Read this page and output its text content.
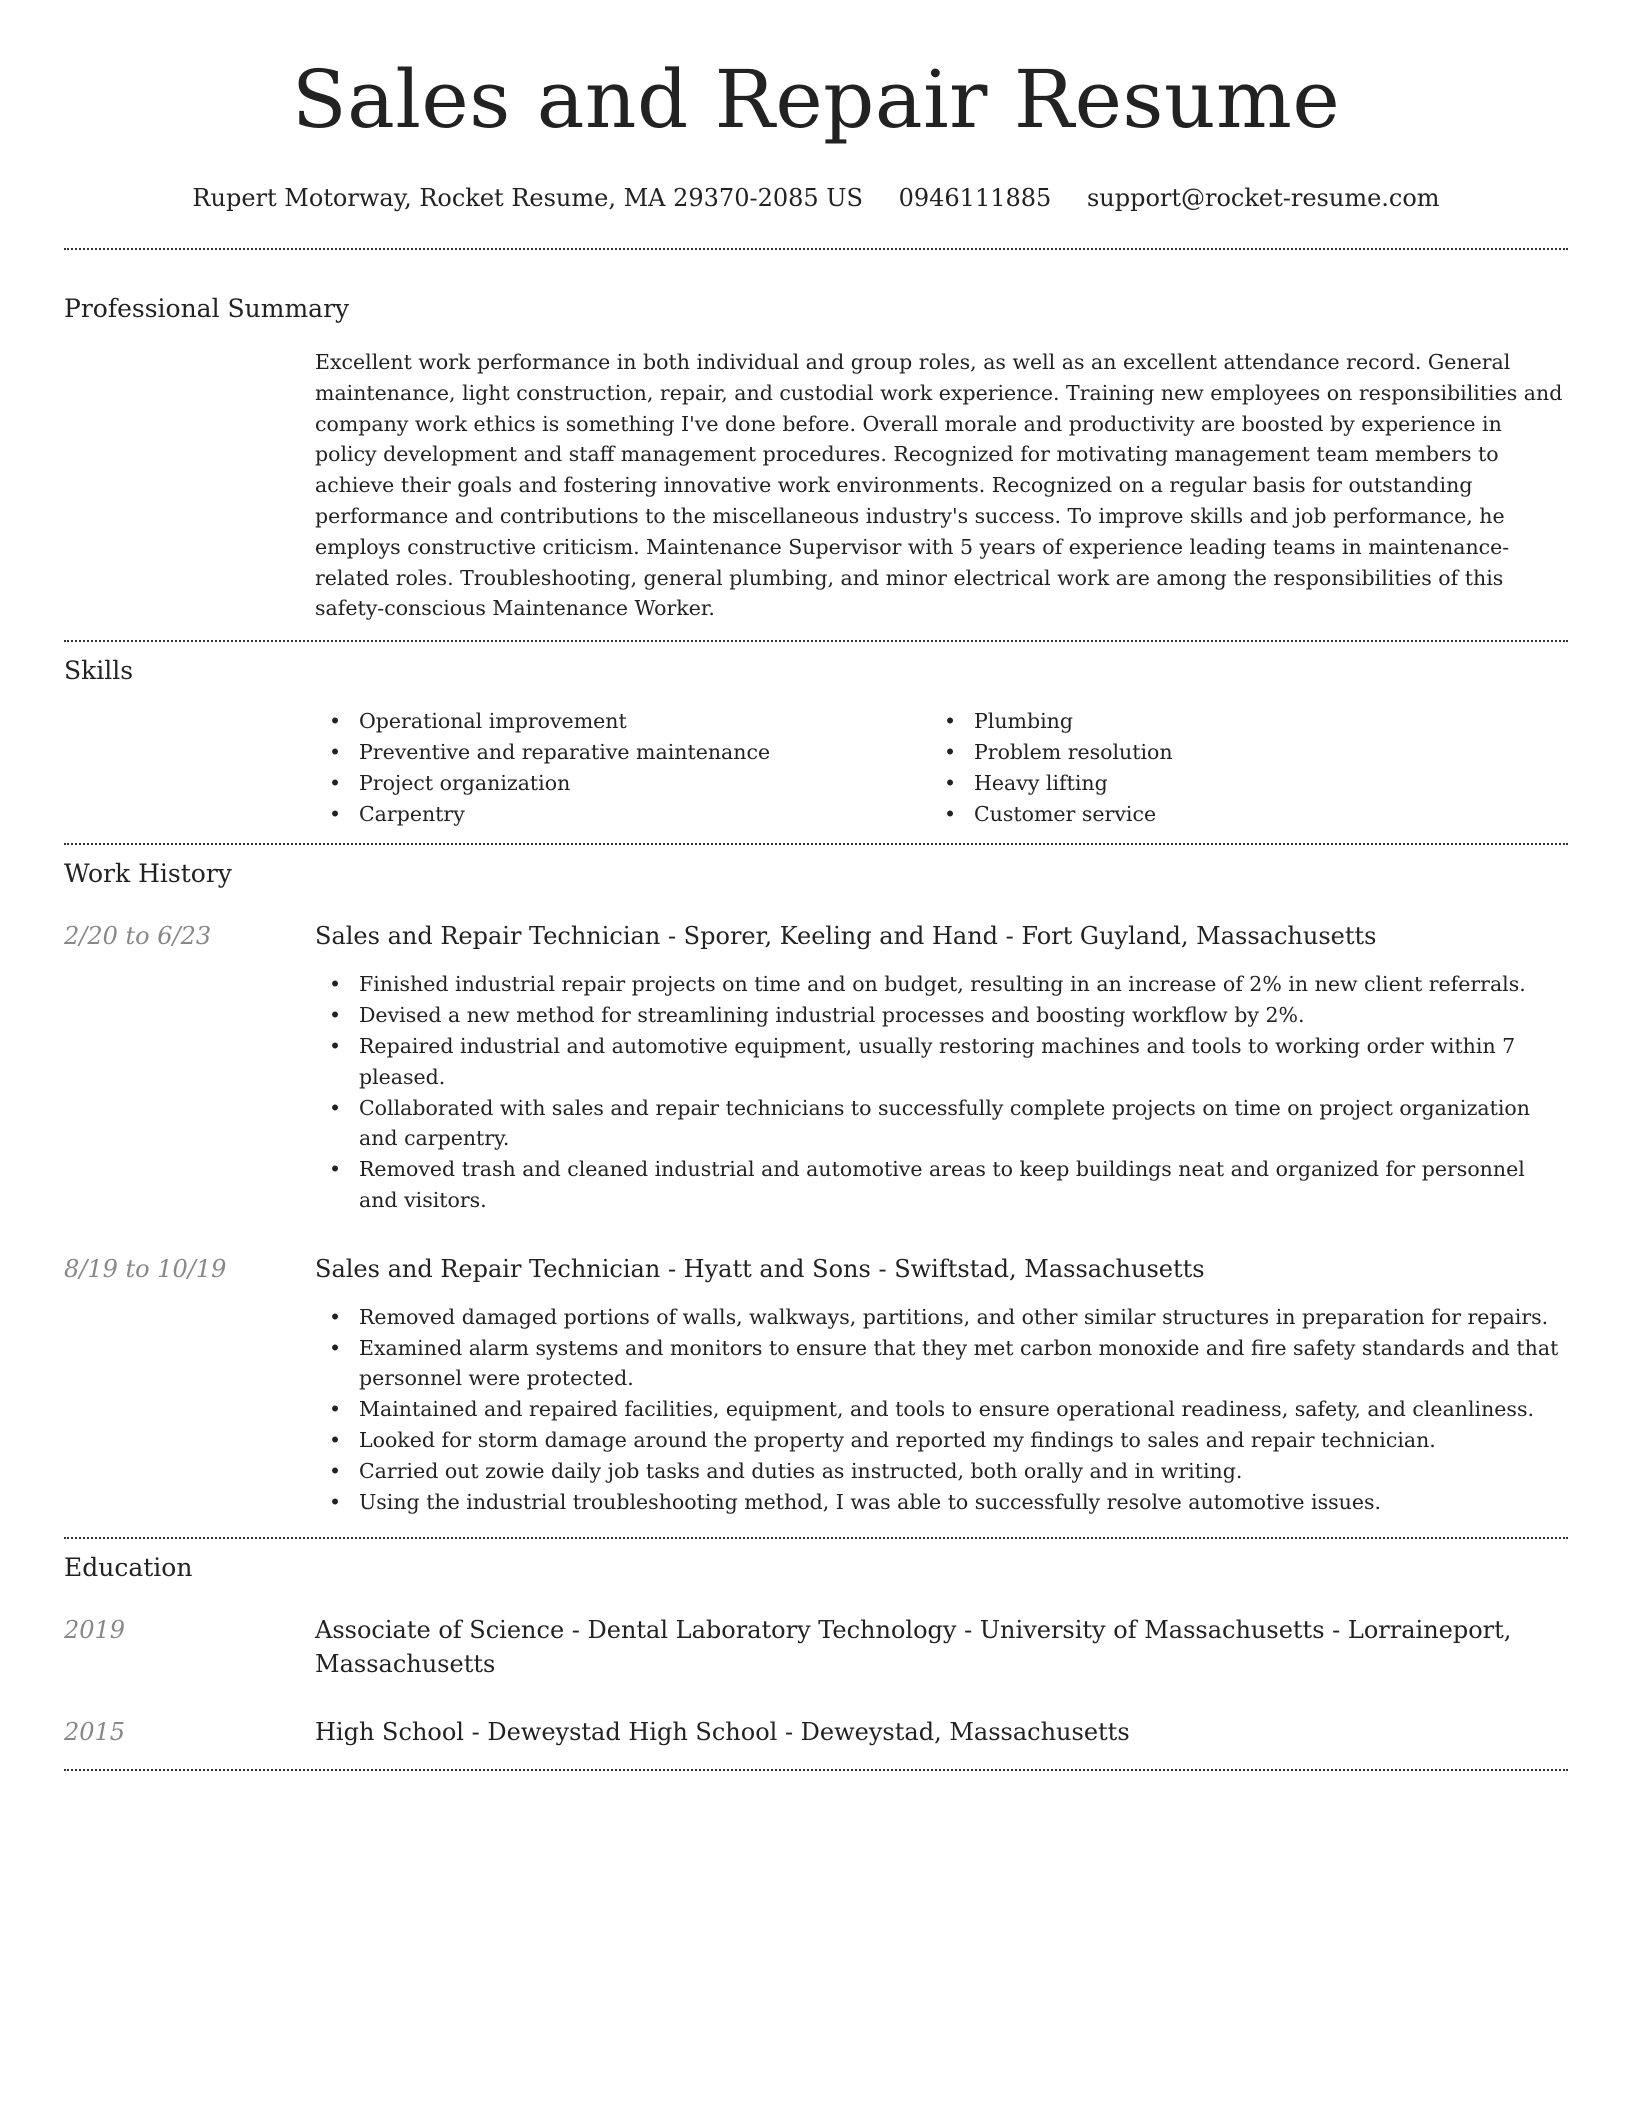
Sales and Repair Resume
Rupert Motorway, Rocket Resume, MA 29370-2085 US 0946111885 support@rocket-resume.com
Professional Summary

Excellent work performance in both individual and group roles, as well as an excellent attendance record. General maintenance, light construction, repair, and custodial work experience. Training new employees on responsibilities and company work ethics is something I've done before. Overall morale and productivity are boosted by experience in policy development and staff management procedures. Recognized for motivating management team members to achieve their goals and fostering innovative work environments. Recognized on a regular basis for outstanding performance and contributions to the miscellaneous industry's success. To improve skills and job performance, he employs constructive criticism. Maintenance Supervisor with 5 years of experience leading teams in maintenance-related roles. Troubleshooting, general plumbing, and minor electrical work are among the responsibilities of this safety-conscious Maintenance Worker.

Skills
• Operational improvement
• Preventive and reparative maintenance
• Project organization
• Carpentry
• Plumbing
• Problem resolution
• Heavy lifting
• Customer service
Work History
2/20 to 6/23	Sales and Repair Technician - Sporer, Keeling and Hand - Fort Guyland, Massachusetts
• Finished industrial repair projects on time and on budget, resulting in an increase of 2% in new client referrals.
• Devised a new method for streamlining industrial processes and boosting workflow by 2%.
• Repaired industrial and automotive equipment, usually restoring machines and tools to working order within 7 pleased.
• Collaborated with sales and repair technicians to successfully complete projects on time on project organization and carpentry.
• Removed trash and cleaned industrial and automotive areas to keep buildings neat and organized for personnel and visitors.
8/19 to 10/19	Sales and Repair Technician - Hyatt and Sons - Swiftstad, Massachusetts
• Removed damaged portions of walls, walkways, partitions, and other similar structures in preparation for repairs.
• Examined alarm systems and monitors to ensure that they met carbon monoxide and fire safety standards and that personnel were protected.
• Maintained and repaired facilities, equipment, and tools to ensure operational readiness, safety, and cleanliness.
• Looked for storm damage around the property and reported my findings to sales and repair technician.
• Carried out zowie daily job tasks and duties as instructed, both orally and in writing.
• Using the industrial troubleshooting method, I was able to successfully resolve automotive issues.
Education
2019	Associate of Science - Dental Laboratory Technology - University of Massachusetts - Lorraineport, Massachusetts
2015	High School - Deweystad High School - Deweystad, Massachusetts
